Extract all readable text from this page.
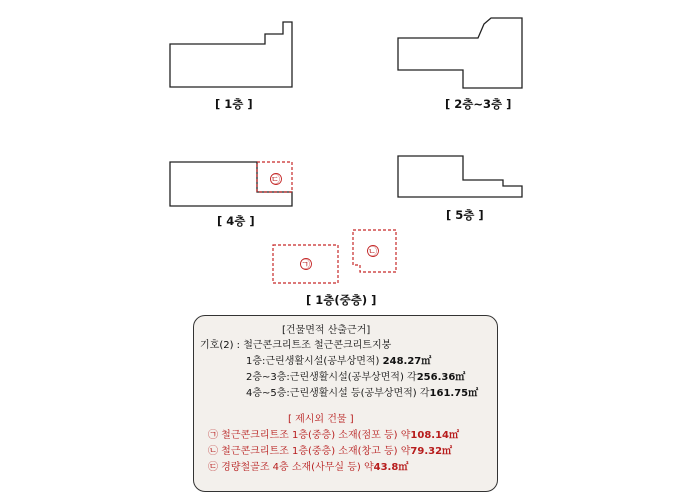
㉢
㉠
㉡
[ 1층 ]	[ 2층~3층 ]
[ 4층 ]	[ 5층 ]
[ 1층(중층) ]
[건물면적 산출근거]
기호(2) : 철근콘크리트조 철근콘크리트지붕
1층:근린생활시설(공부상면적) 248.27㎡
2층~3층:근린생활시설(공부상면적) 각256.36㎡
4층~5층:근린생활시설 등(공부상면적) 각161.75㎡
[ 제시외 건물 ]
㉠ 철근콘크리트조 1층(중층) 소재(점포 등) 약108.14㎡
㉡ 철근콘크리트조 1층(중층) 소재(창고 등) 약79.32㎡
㉢ 경량철골조 4층 소재(사무실 등) 약43.8㎡
